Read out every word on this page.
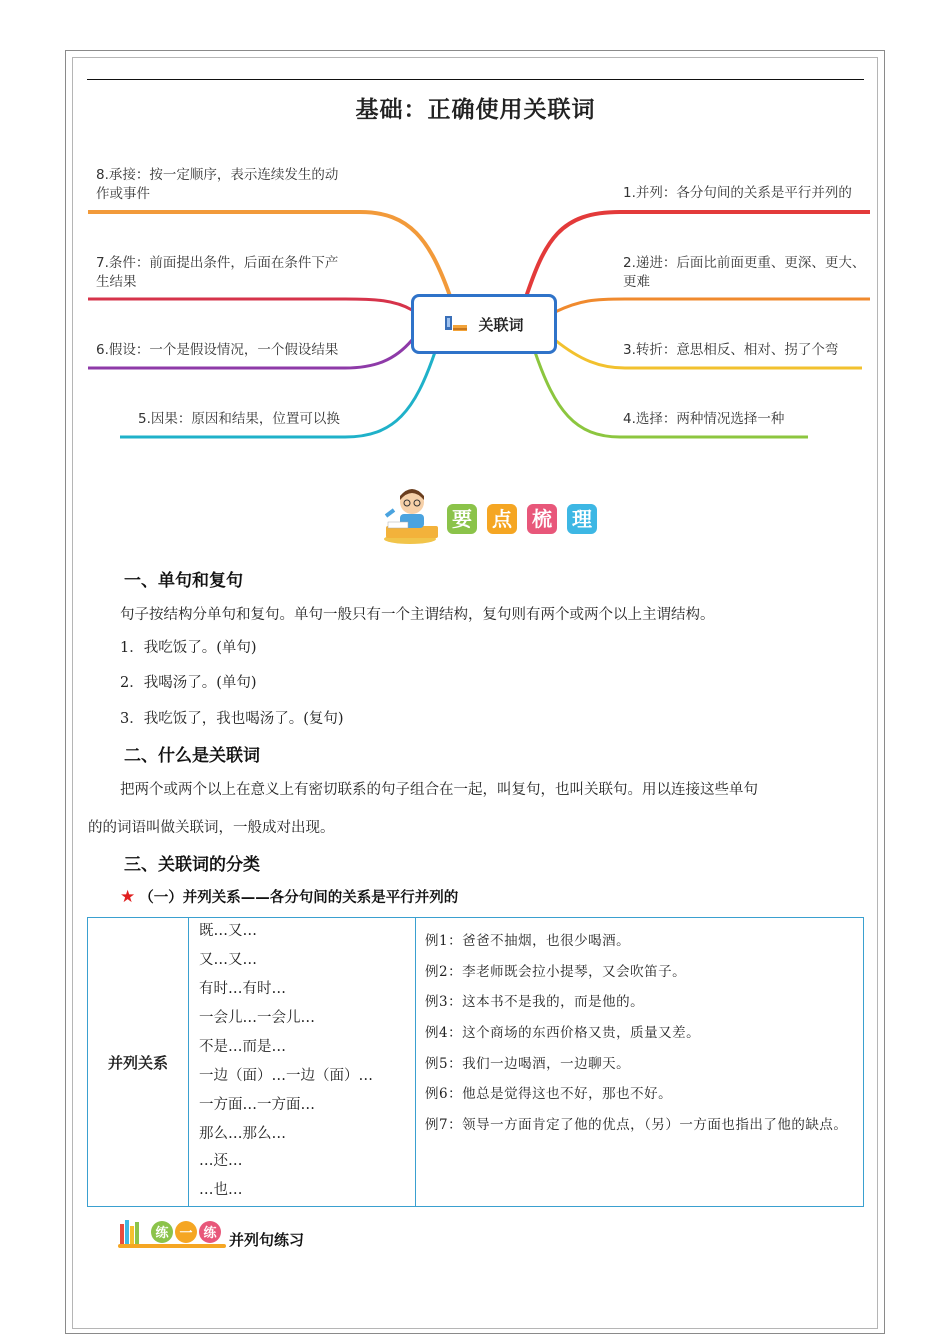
基础：正确使用关联词
1.并列：各分句间的关系是平行并列的
2.递进：后面比前面更重、更深、更大、
更难
3.转折：意思相反、相对、拐了个弯
4.选择：两种情况选择一种
5.因果：原因和结果，位置可以换
6.假设：一个是假设情况，一个假设结果
7.条件：前面提出条件，后面在条件下产
生结果
8.承接：按一定顺序，表示连续发生的动
作或事件
关联词
要 点 梳 理
一、单句和复句
句子按结构分单句和复句。单句一般只有一个主谓结构，复句则有两个或两个以上主谓结构。
1．我吃饭了。(单句)
2．我喝汤了。(单句)
3．我吃饭了，我也喝汤了。(复句)
二、什么是关联词
把两个或两个以上在意义上有密切联系的句子组合在一起，叫复句，也叫关联句。用以连接这些单句
的的词语叫做关联词，一般成对出现。
三、关联词的分类
★ （一）并列关系——各分句间的关系是平行并列的
并列关系
既…又…
又…又…
有时…有时…
一会儿…一会儿…
不是…而是…
一边（面）…一边（面）…
一方面…一方面…
那么…那么…
…还…
…也…
例1：爸爸不抽烟，也很少喝酒。
例2：李老师既会拉小提琴，又会吹笛子。
例3：这本书不是我的，而是他的。
例4：这个商场的东西价格又贵，质量又差。
例5：我们一边喝酒，一边聊天。
例6：他总是觉得这也不好，那也不好。
例7：领导一方面肯定了他的优点，（另）一方面也指出了他的缺点。
练 一 练 并列句练习
